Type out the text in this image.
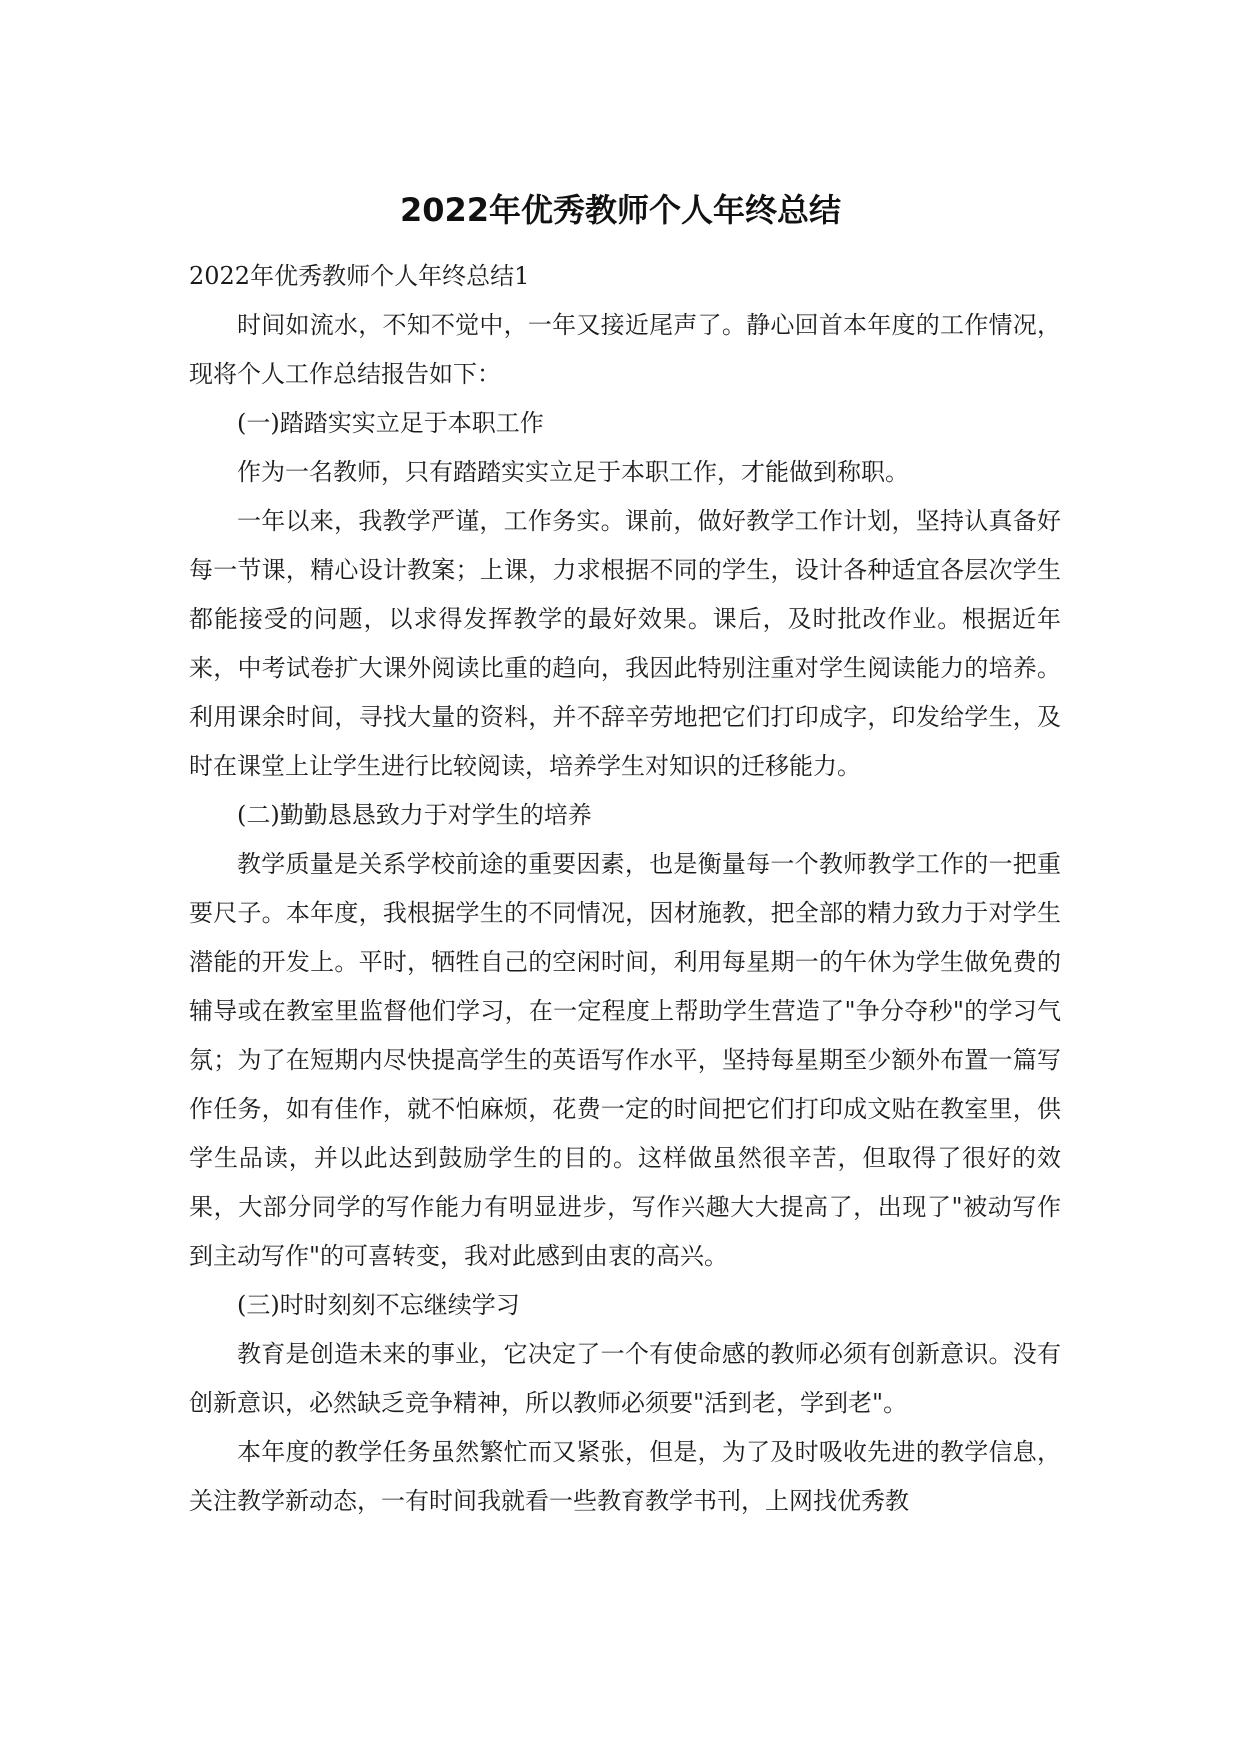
2022年优秀教师个人年终总结

2022年优秀教师个人年终总结1

时间如流水，不知不觉中，一年又接近尾声了。静心回首本年度的工作情况，现将个人工作总结报告如下：

(一)踏踏实实立足于本职工作

作为一名教师，只有踏踏实实立足于本职工作，才能做到称职。

一年以来，我教学严谨，工作务实。课前，做好教学工作计划，坚持认真备好每一节课，精心设计教案；上课，力求根据不同的学生，设计各种适宜各层次学生都能接受的问题，以求得发挥教学的最好效果。课后，及时批改作业。根据近年来，中考试卷扩大课外阅读比重的趋向，我因此特别注重对学生阅读能力的培养。利用课余时间，寻找大量的资料，并不辞辛劳地把它们打印成字，印发给学生，及时在课堂上让学生进行比较阅读，培养学生对知识的迁移能力。

(二)勤勤恳恳致力于对学生的培养

教学质量是关系学校前途的重要因素，也是衡量每一个教师教学工作的一把重要尺子。本年度，我根据学生的不同情况，因材施教，把全部的精力致力于对学生潜能的开发上。平时，牺牲自己的空闲时间，利用每星期一的午休为学生做免费的辅导或在教室里监督他们学习，在一定程度上帮助学生营造了"争分夺秒"的学习气氛；为了在短期内尽快提高学生的英语写作水平，坚持每星期至少额外布置一篇写作任务，如有佳作，就不怕麻烦，花费一定的时间把它们打印成文贴在教室里，供学生品读，并以此达到鼓励学生的目的。这样做虽然很辛苦，但取得了很好的效果，大部分同学的写作能力有明显进步，写作兴趣大大提高了，出现了"被动写作到主动写作"的可喜转变，我对此感到由衷的高兴。

(三)时时刻刻不忘继续学习

教育是创造未来的事业，它决定了一个有使命感的教师必须有创新意识。没有创新意识，必然缺乏竞争精神，所以教师必须要"活到老，学到老"。

本年度的教学任务虽然繁忙而又紧张，但是，为了及时吸收先进的教学信息，关注教学新动态，一有时间我就看一些教育教学书刊，上网找优秀教
